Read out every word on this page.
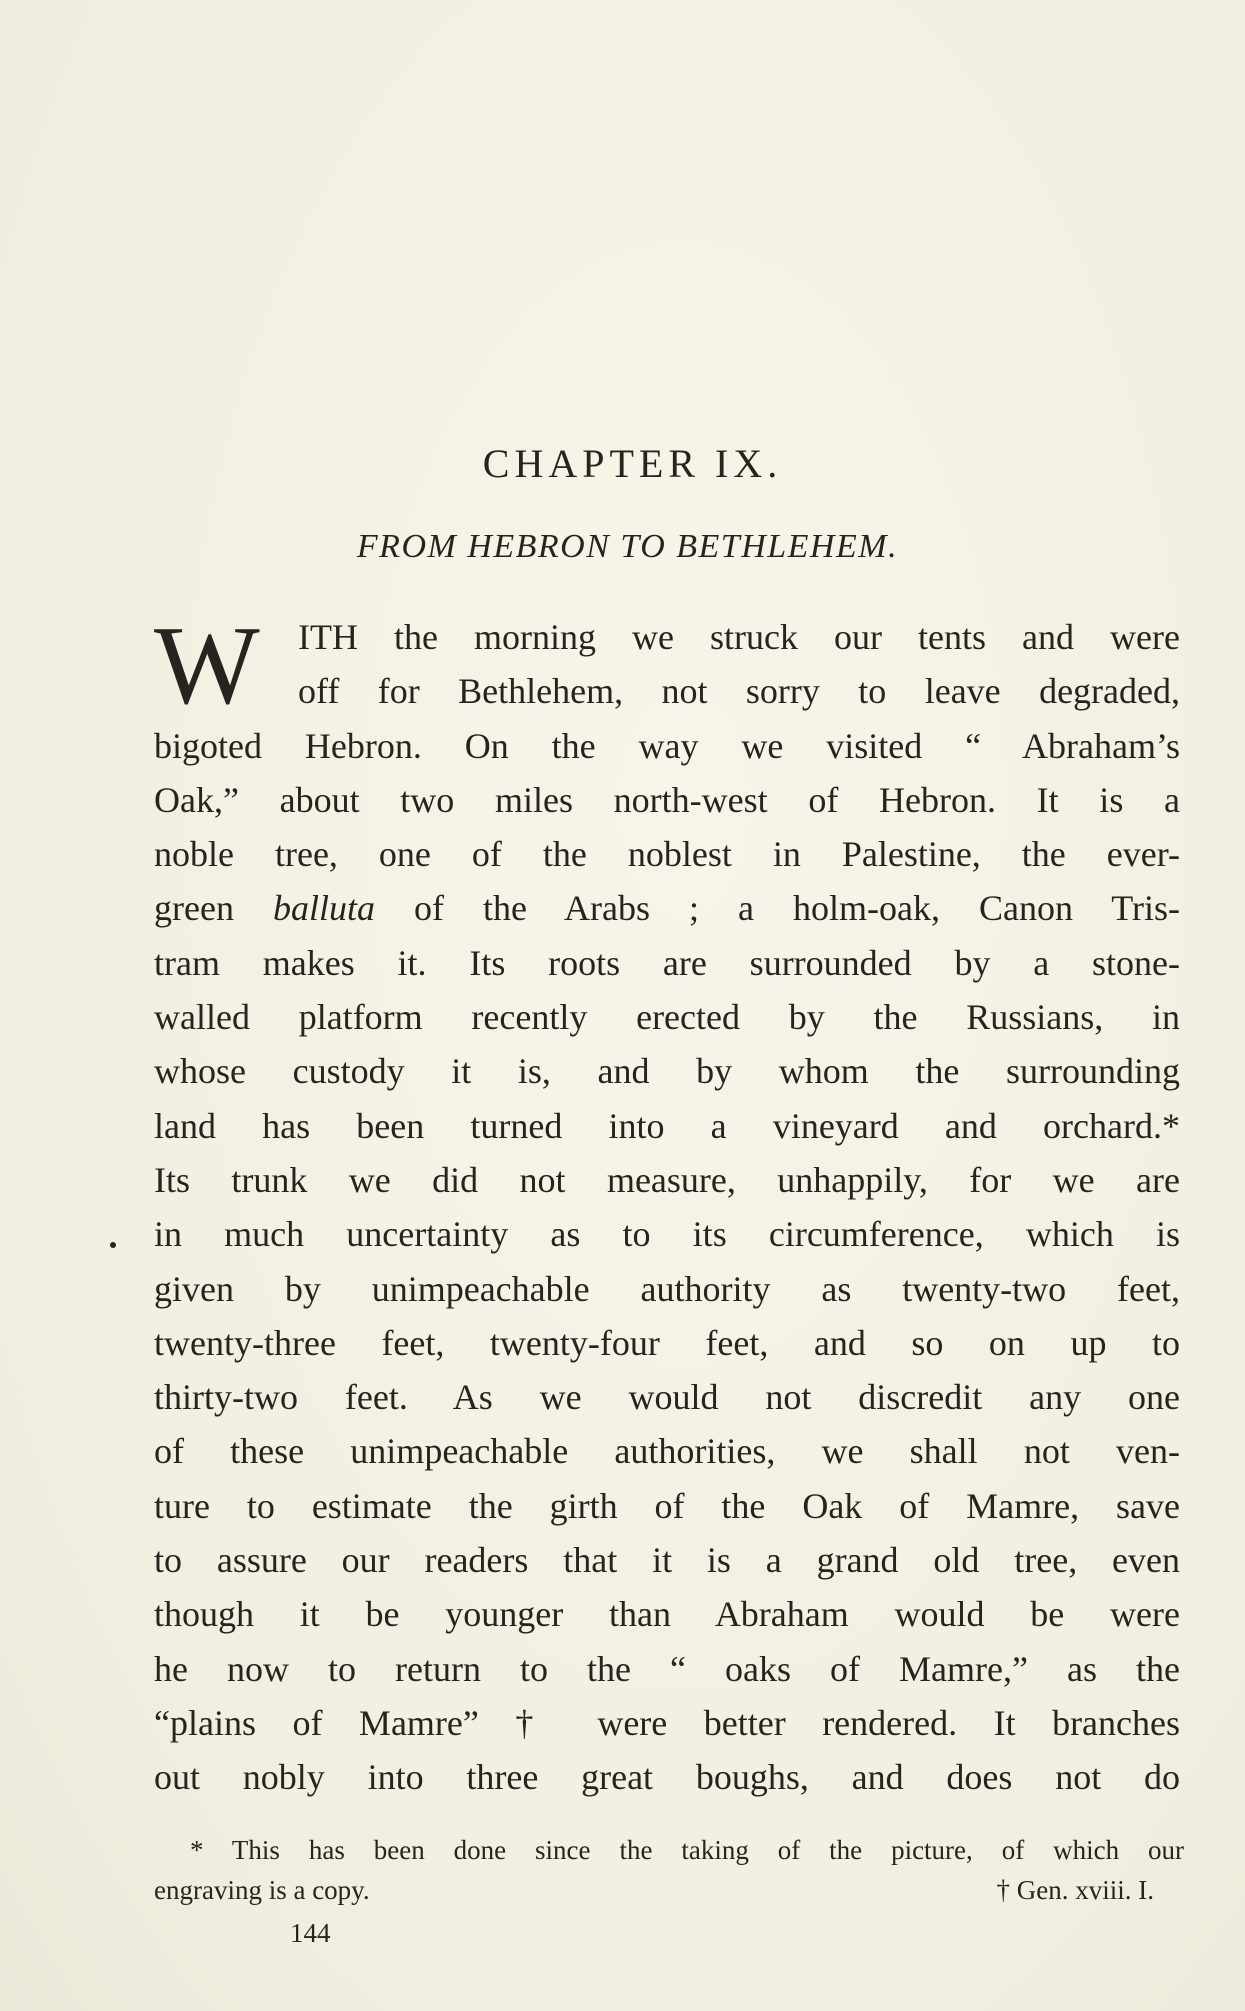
CHAPTER IX.
FROM HEBRON TO BETHLEHEM.
W	ITH the morning we struck our tents and were
off for Bethlehem, not sorry to leave degraded,
bigoted Hebron. On the way we visited “ Abraham’s
Oak,” about two miles north-west of Hebron. It is a
noble tree, one of the noblest in Palestine, the ever-
green balluta of the Arabs ; a holm-oak, Canon Tris-
tram makes it. Its roots are surrounded by a stone-
walled platform recently erected by the Russians, in
whose custody it is, and by whom the surrounding
land has been turned into a vineyard and orchard.*
Its trunk we did not measure, unhappily, for we are
in much uncertainty as to its circumference, which is
given by unimpeachable authority as twenty-two feet,
twenty-three feet, twenty-four feet, and so on up to
thirty-two feet. As we would not discredit any one
of these unimpeachable authorities, we shall not ven-
ture to estimate the girth of the Oak of Mamre, save
to assure our readers that it is a grand old tree, even
though it be younger than Abraham would be were
he now to return to the “ oaks of Mamre,” as the
“plains of Mamre” † were better rendered. It branches
out nobly into three great boughs, and does not do
* This has been done since the taking of the picture, of which our
engraving is a copy.	† Gen. xviii. I.
144
